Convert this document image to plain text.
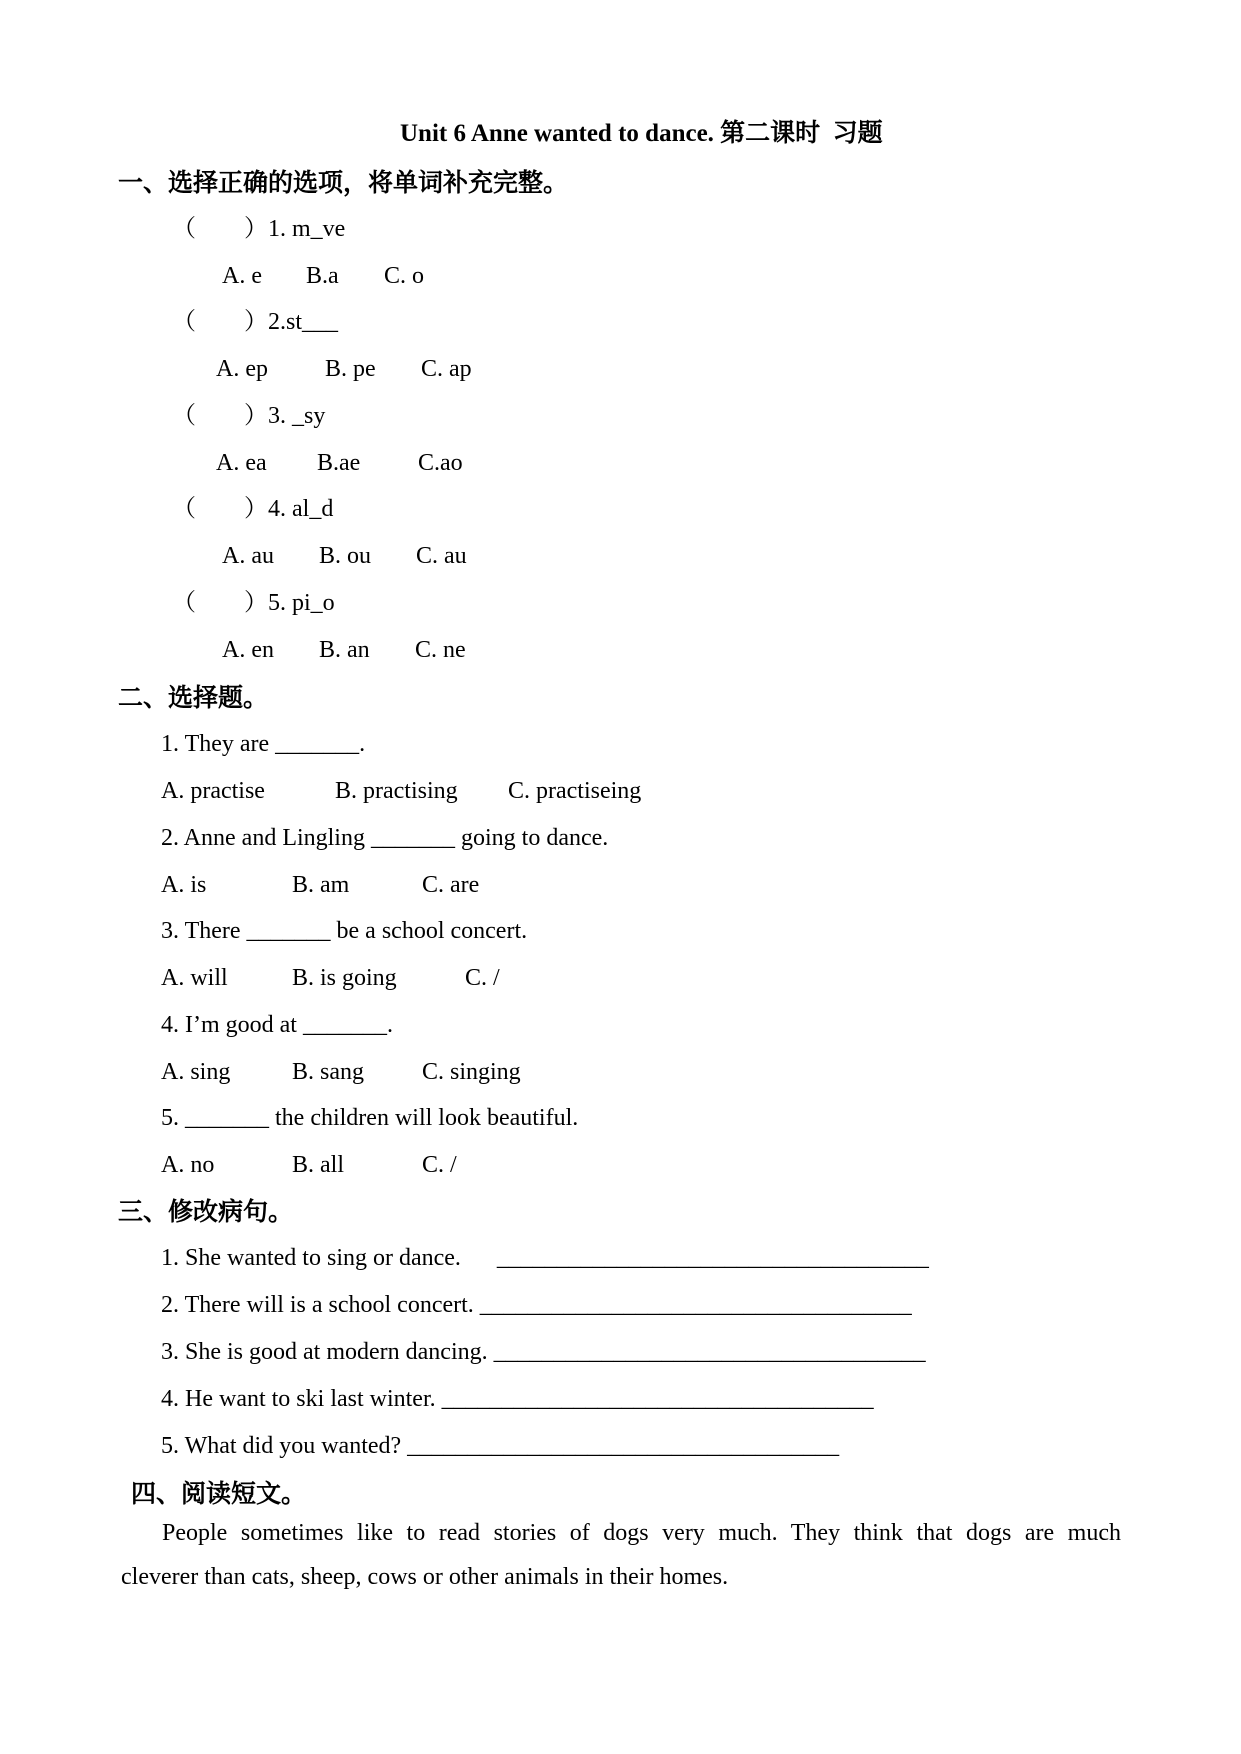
Unit 6 Anne wanted to dance. 第二课时  习题
一、选择正确的选项，将单词补充完整。
（        ）1. m_ve
A. e B.a C. o
（        ）2.st___
A. ep B. pe C. ap
（        ）3. _sy
A. ea B.ae C.ao
（        ）4. al_d
A. au B. ou C. au
（        ）5. pi_o
A. en B. an C. ne
二、选择题。
1. They are _______.
A. practise	B. practising C. practiseing
2. Anne and Lingling _______ going to dance.
A. is	B. am	C. are
3. There _______ be a school concert.
A. will	B. is going	C. /
4. I’m good at _______.
A. sing	B. sang C. singing
5. _______ the children will look beautiful.
A. no	B. all	C. /
三、修改病句。
1. She wanted to sing or dance.      ____________________________________
2. There will is a school concert. ____________________________________
3. She is good at modern dancing. ____________________________________
4. He want to ski last winter. ____________________________________
5. What did you wanted? ____________________________________
四、阅读短文。
People sometimes like to read stories of dogs very much. They think that dogs are much
cleverer than cats, sheep, cows or other animals in their homes.
